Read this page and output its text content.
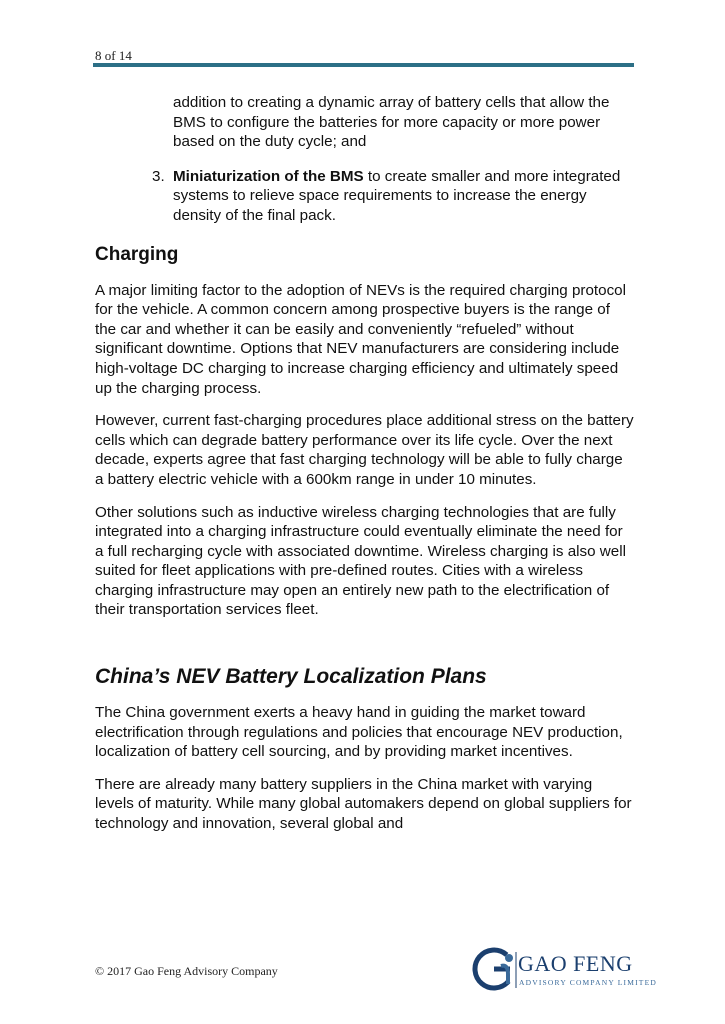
8 of 14
addition to creating a dynamic array of battery cells that allow the BMS to configure the batteries for more capacity or more power based on the duty cycle; and
3. Miniaturization of the BMS to create smaller and more integrated systems to relieve space requirements to increase the energy density of the final pack.
Charging

A major limiting factor to the adoption of NEVs is the required charging protocol for the vehicle. A common concern among prospective buyers is the range of the car and whether it can be easily and conveniently “refueled” without significant downtime. Options that NEV manufacturers are considering include high-voltage DC charging to increase charging efficiency and ultimately speed up the charging process.

However, current fast-charging procedures place additional stress on the battery cells which can degrade battery performance over its life cycle. Over the next decade, experts agree that fast charging technology will be able to fully charge a battery electric vehicle with a 600km range in under 10 minutes.

Other solutions such as inductive wireless charging technologies that are fully integrated into a charging infrastructure could eventually eliminate the need for a full recharging cycle with associated downtime. Wireless charging is also well suited for fleet applications with pre-defined routes. Cities with a wireless charging infrastructure may open an entirely new path to the electrification of their transportation services fleet.

China’s NEV Battery Localization Plans

The China government exerts a heavy hand in guiding the market toward electrification through regulations and policies that encourage NEV production, localization of battery cell sourcing, and by providing market incentives.

There are already many battery suppliers in the China market with varying levels of maturity. While many global automakers depend on global suppliers for technology and innovation, several global and

© 2017 Gao Feng Advisory Company	GAO FENG
ADVISORY COMPANY LIMITED
